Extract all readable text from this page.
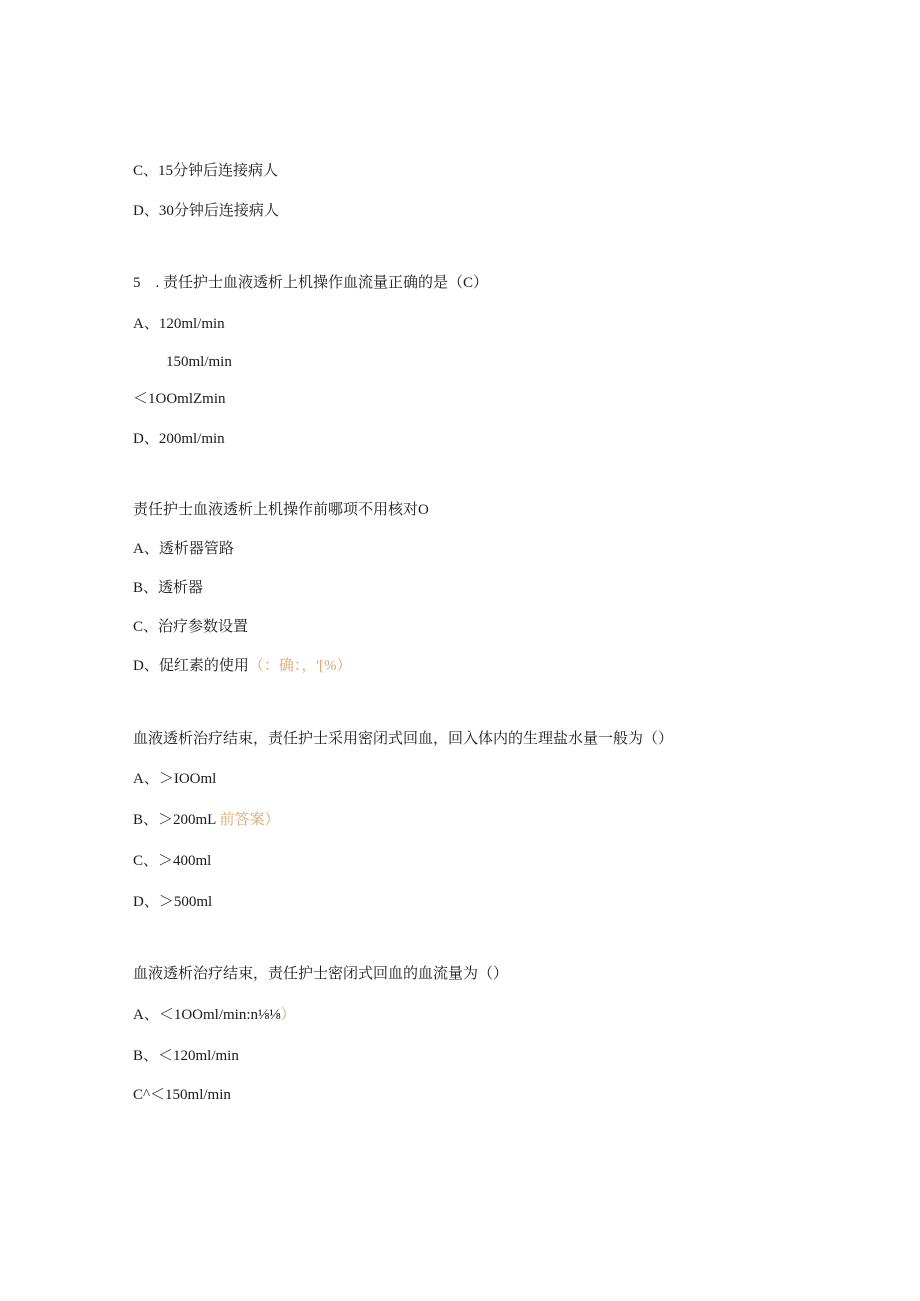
C、15分钟后连接病人
D、30分钟后连接病人
5　. 责任护士血液透析上机操作血流量正确的是（C）
A、120ml/min
150ml/min
＜1OOmlZmin
D、200ml/min
责任护士血液透析上机操作前哪项不用核对O
A、透析器管路
B、透析器
C、治疗参数设置
D、促红素的使用（：确：，'[%）
血液透析治疗结束，责任护士采用密闭式回血，回入体内的生理盐水量一般为（）
A、＞IOOml
B、＞200mL 前答案）
C、＞400ml
D、＞500ml
血液透析治疗结束，责任护士密闭式回血的血流量为（）
A、＜1OOml/min:n⅛⅛）
B、＜120ml/min
C^＜150ml/min
